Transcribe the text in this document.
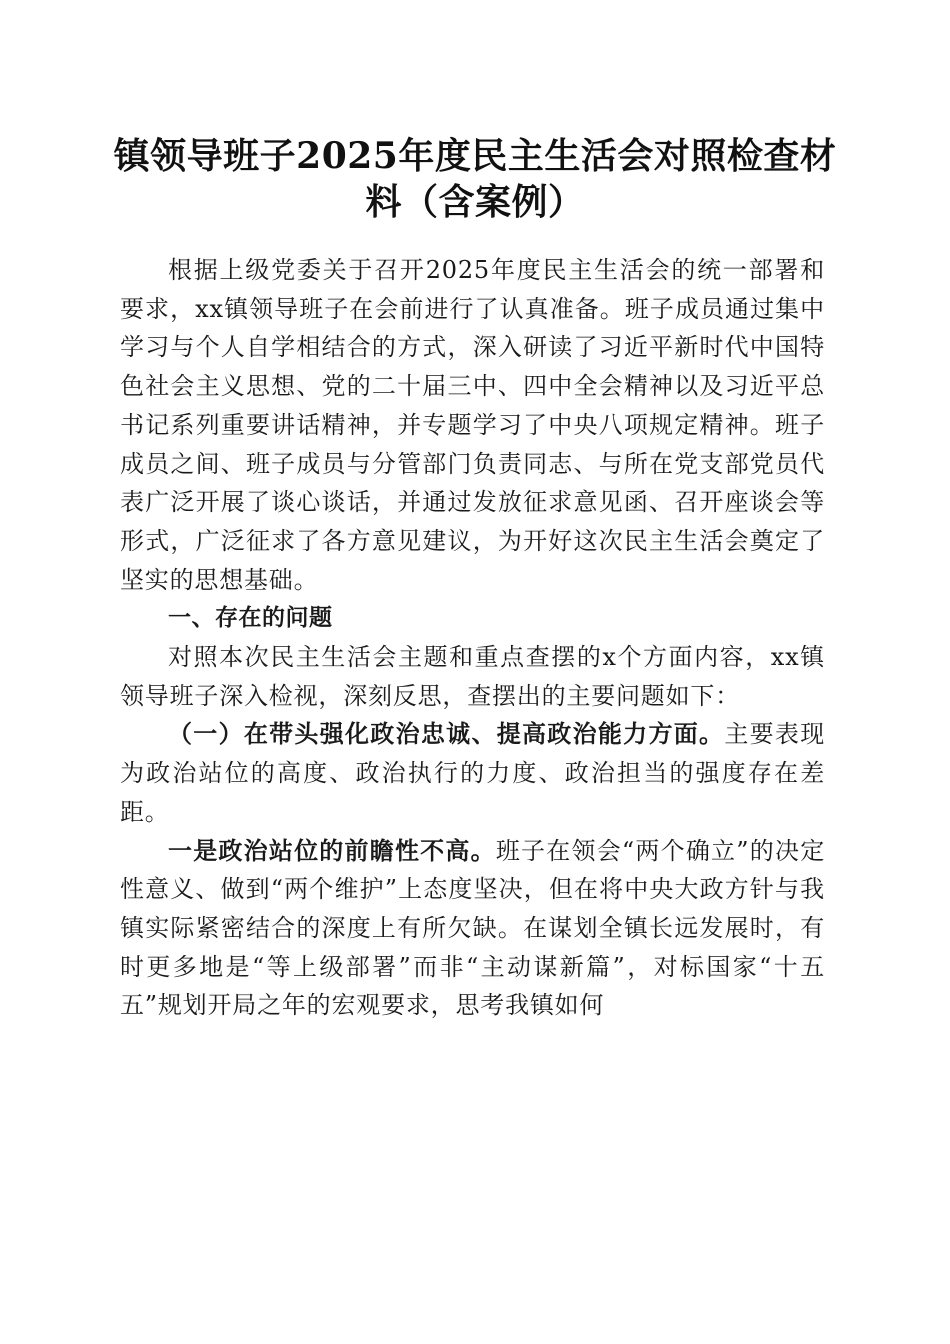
镇领导班子2025年度民主生活会对照检查材料（含案例）

根据上级党委关于召开2025年度民主生活会的统一部署和要求，xx镇领导班子在会前进行了认真准备。班子成员通过集中学习与个人自学相结合的方式，深入研读了习近平新时代中国特色社会主义思想、党的二十届三中、四中全会精神以及习近平总书记系列重要讲话精神，并专题学习了中央八项规定精神。班子成员之间、班子成员与分管部门负责同志、与所在党支部党员代表广泛开展了谈心谈话，并通过发放征求意见函、召开座谈会等形式，广泛征求了各方意见建议，为开好这次民主生活会奠定了坚实的思想基础。

一、存在的问题

对照本次民主生活会主题和重点查摆的x个方面内容，xx镇领导班子深入检视，深刻反思，查摆出的主要问题如下：

（一）在带头强化政治忠诚、提高政治能力方面。主要表现为政治站位的高度、政治执行的力度、政治担当的强度存在差距。

一是政治站位的前瞻性不高。班子在领会“两个确立”的决定性意义、做到“两个维护”上态度坚决，但在将中央大政方针与我镇实际紧密结合的深度上有所欠缺。在谋划全镇长远发展时，有时更多地是“等上级部署”而非“主动谋新篇”，对标国家“十五五”规划开局之年的宏观要求，思考我镇如何
